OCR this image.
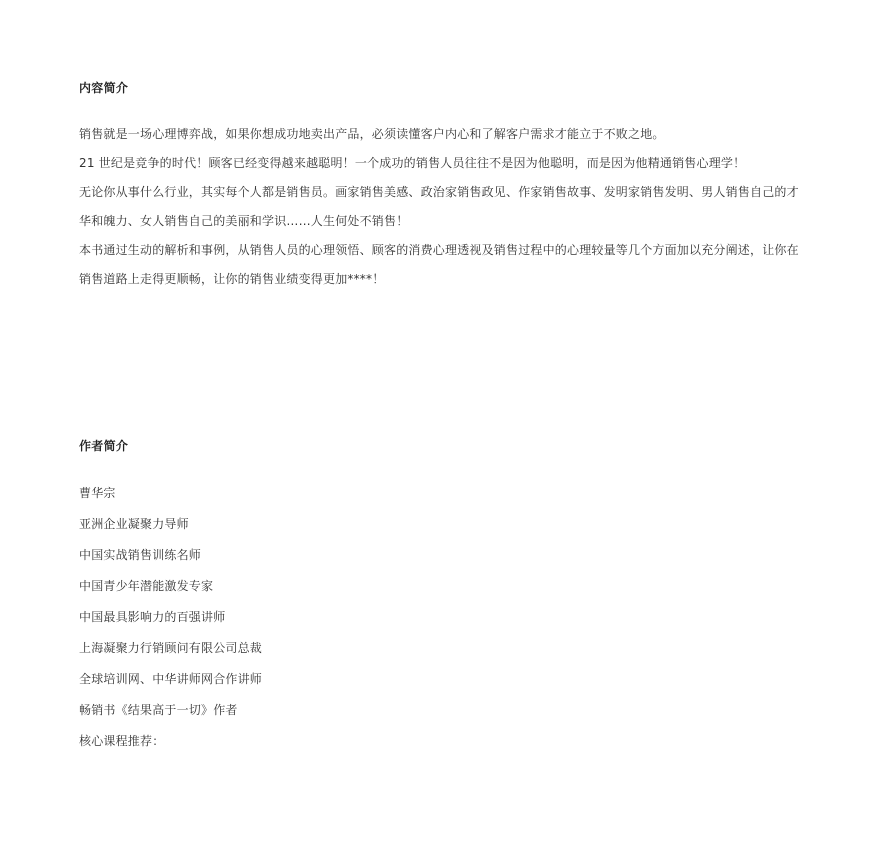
内容简介

销售就是一场心理博弈战，如果你想成功地卖出产品，必须读懂客户内心和了解客户需求才能立于不败之地。

21 世纪是竞争的时代！顾客已经变得越来越聪明！一个成功的销售人员往往不是因为他聪明，而是因为他精通销售心理学！

无论你从事什么行业，其实每个人都是销售员。画家销售美感、政治家销售政见、作家销售故事、发明家销售发明、男人销售自己的才华和魄力、女人销售自己的美丽和学识……人生何处不销售！

本书通过生动的解析和事例，从销售人员的心理领悟、顾客的消费心理透视及销售过程中的心理较量等几个方面加以充分阐述，让你在销售道路上走得更顺畅，让你的销售业绩变得更加****！

作者简介
曹华宗
亚洲企业凝聚力导师
中国实战销售训练名师
中国青少年潜能激发专家
中国最具影响力的百强讲师
上海凝聚力行销顾问有限公司总裁
全球培训网、中华讲师网合作讲师
畅销书《结果高于一切》作者
核心课程推荐：
